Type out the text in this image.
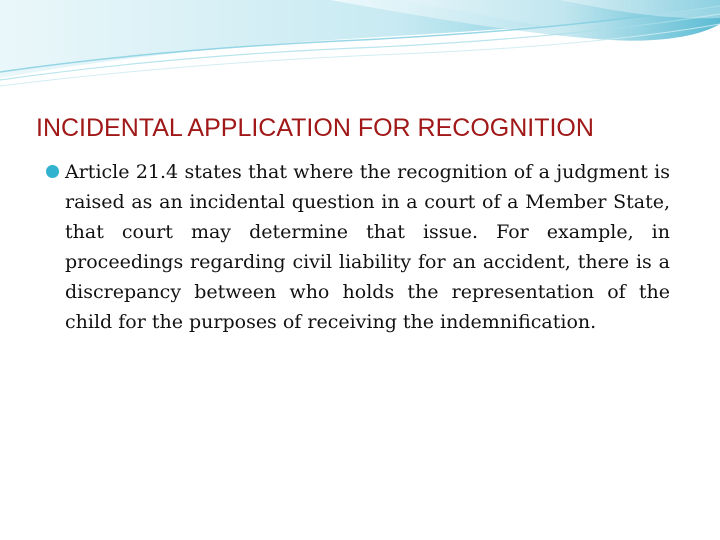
INCIDENTAL APPLICATION FOR RECOGNITION

Article 21.4 states that where the recognition of a judgment is raised as an incidental question in a court of a Member State, that court may determine that issue. For example, in proceedings regarding civil liability for an accident, there is a discrepancy between who holds the representation of the child for the purposes of receiving the indemnification.
